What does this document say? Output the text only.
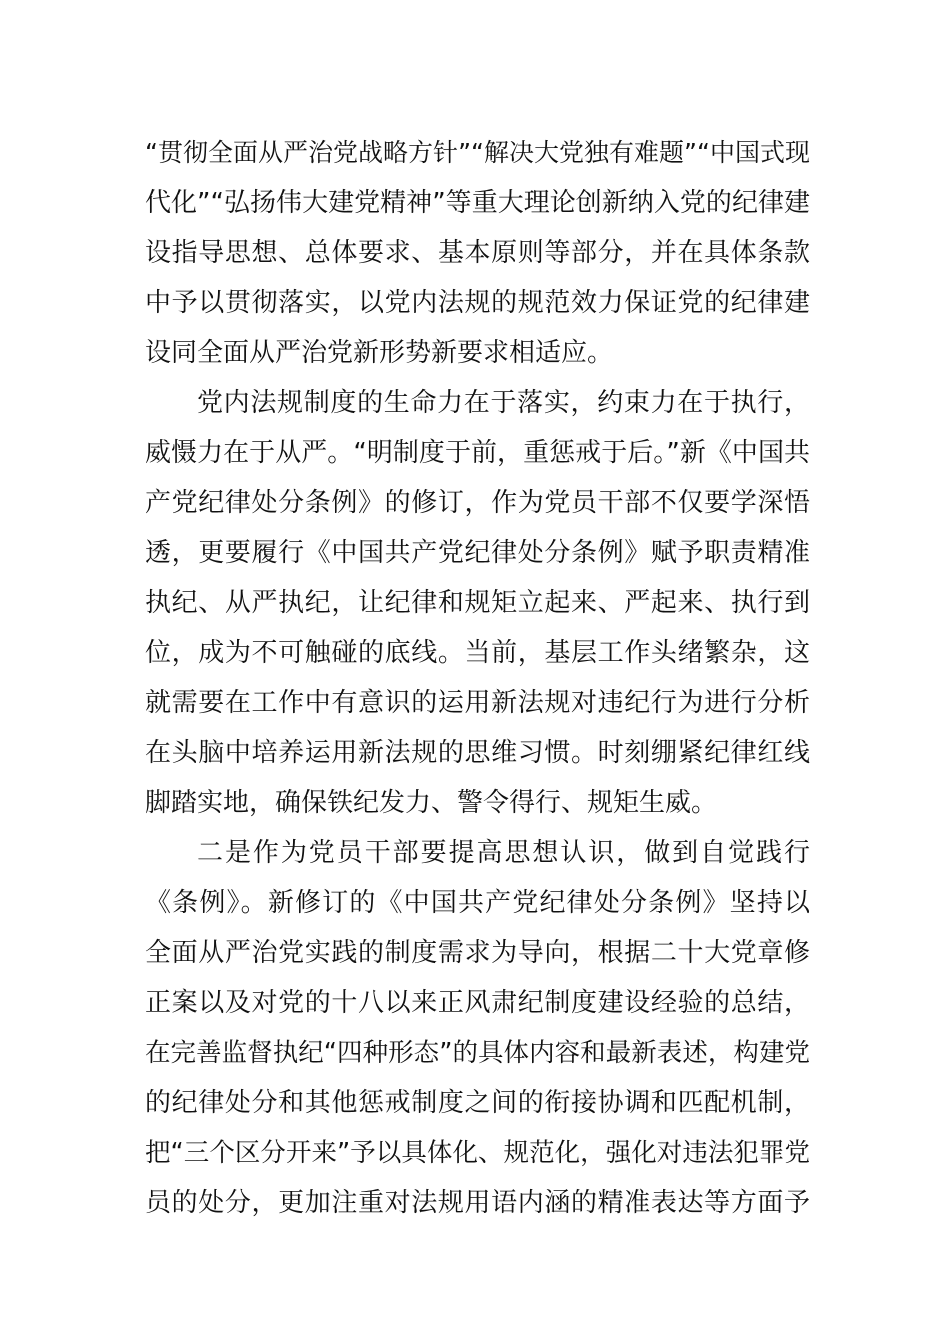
“贯彻全面从严治党战略方针”“解决大党独有难题”“中国式现
代化”“弘扬伟大建党精神”等重大理论创新纳入党的纪律建
设指导思想、总体要求、基本原则等部分，并在具体条款
中予以贯彻落实，以党内法规的规范效力保证党的纪律建
设同全面从严治党新形势新要求相适应。
党内法规制度的生命力在于落实，约束力在于执行，
威慑力在于从严。“明制度于前，重惩戒于后。”新《中国共
产党纪律处分条例》的修订，作为党员干部不仅要学深悟
透，更要履行《中国共产党纪律处分条例》赋予职责精准
执纪、从严执纪，让纪律和规矩立起来、严起来、执行到
位，成为不可触碰的底线。当前，基层工作头绪繁杂，这
就需要在工作中有意识的运用新法规对违纪行为进行分析
在头脑中培养运用新法规的思维习惯。时刻绷紧纪律红线
脚踏实地，确保铁纪发力、警令得行、规矩生威。
二是作为党员干部要提高思想认识，做到自觉践行
《条例》。新修订的《中国共产党纪律处分条例》坚持以
全面从严治党实践的制度需求为导向，根据二十大党章修
正案以及对党的十八以来正风肃纪制度建设经验的总结，
在完善监督执纪“四种形态”的具体内容和最新表述，构建党
的纪律处分和其他惩戒制度之间的衔接协调和匹配机制，
把“三个区分开来”予以具体化、规范化，强化对违法犯罪党
员的处分，更加注重对法规用语内涵的精准表达等方面予
